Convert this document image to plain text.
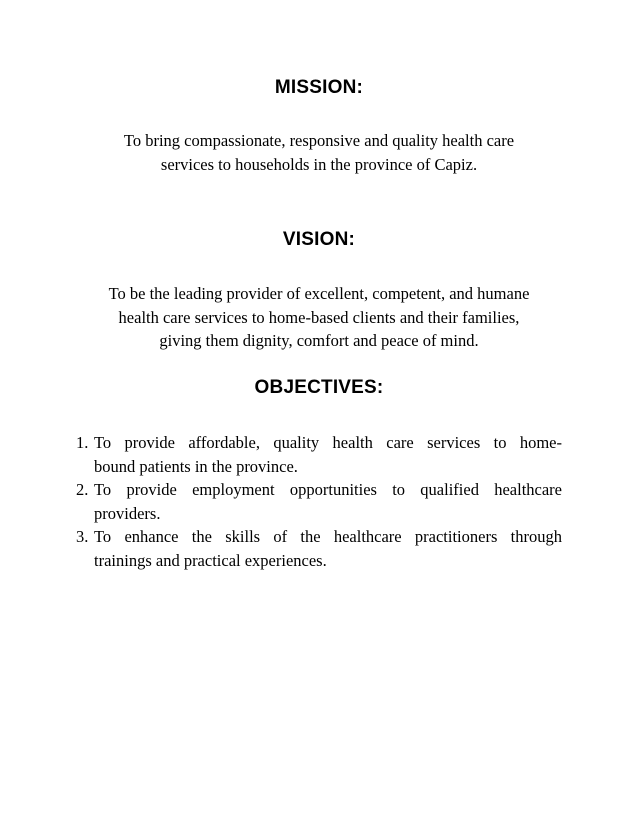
MISSION:

To bring compassionate, responsive and quality health care
services to households in the province of Capiz.

VISION:

To be the leading provider of excellent, competent, and humane
health care services to home-based clients and their families,
giving them dignity, comfort and peace of mind.

OBJECTIVES:
1. To provide affordable, quality health care services to home-
bound patients in the province.
2. To provide employment opportunities to qualified healthcare
providers.
3. To enhance the skills of the healthcare practitioners through
trainings and practical experiences.
